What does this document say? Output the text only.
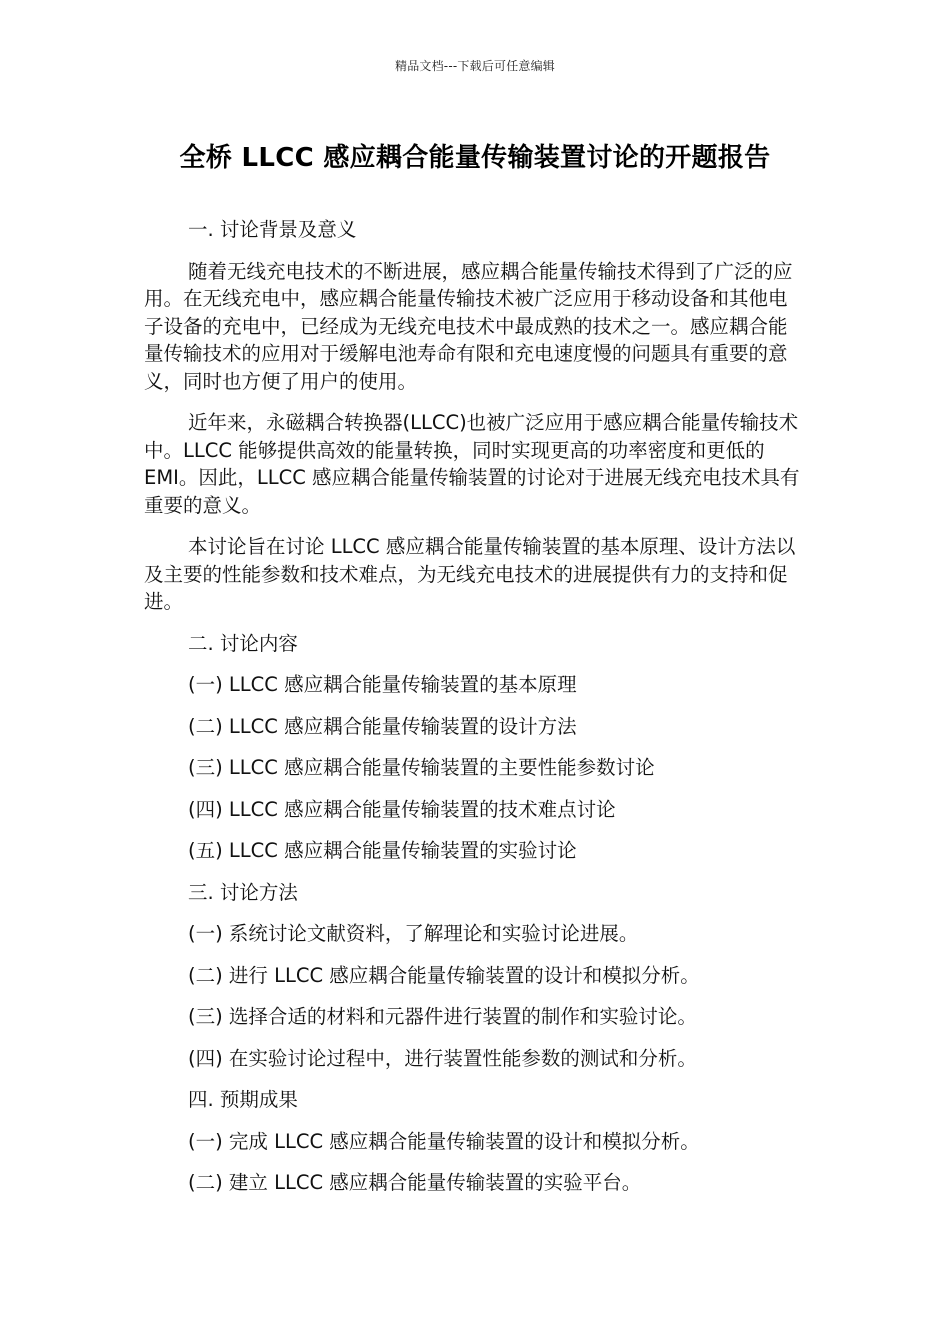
精品文档---下载后可任意编辑
全桥 LLCC 感应耦合能量传输装置讨论的开题报告

一. 讨论背景及意义

随着无线充电技术的不断进展，感应耦合能量传输技术得到了广泛的应用。在无线充电中，感应耦合能量传输技术被广泛应用于移动设备和其他电子设备的充电中，已经成为无线充电技术中最成熟的技术之一。感应耦合能量传输技术的应用对于缓解电池寿命有限和充电速度慢的问题具有重要的意义，同时也方便了用户的使用。

近年来，永磁耦合转换器(LLCC)也被广泛应用于感应耦合能量传输技术中。LLCC 能够提供高效的能量转换，同时实现更高的功率密度和更低的 EMI。因此，LLCC 感应耦合能量传输装置的讨论对于进展无线充电技术具有重要的意义。

本讨论旨在讨论 LLCC 感应耦合能量传输装置的基本原理、设计方法以及主要的性能参数和技术难点，为无线充电技术的进展提供有力的支持和促进。

二. 讨论内容

(一) LLCC 感应耦合能量传输装置的基本原理

(二) LLCC 感应耦合能量传输装置的设计方法

(三) LLCC 感应耦合能量传输装置的主要性能参数讨论

(四) LLCC 感应耦合能量传输装置的技术难点讨论

(五) LLCC 感应耦合能量传输装置的实验讨论

三. 讨论方法

(一) 系统讨论文献资料，了解理论和实验讨论进展。

(二) 进行 LLCC 感应耦合能量传输装置的设计和模拟分析。

(三) 选择合适的材料和元器件进行装置的制作和实验讨论。

(四) 在实验讨论过程中，进行装置性能参数的测试和分析。

四. 预期成果

(一) 完成 LLCC 感应耦合能量传输装置的设计和模拟分析。

(二) 建立 LLCC 感应耦合能量传输装置的实验平台。
